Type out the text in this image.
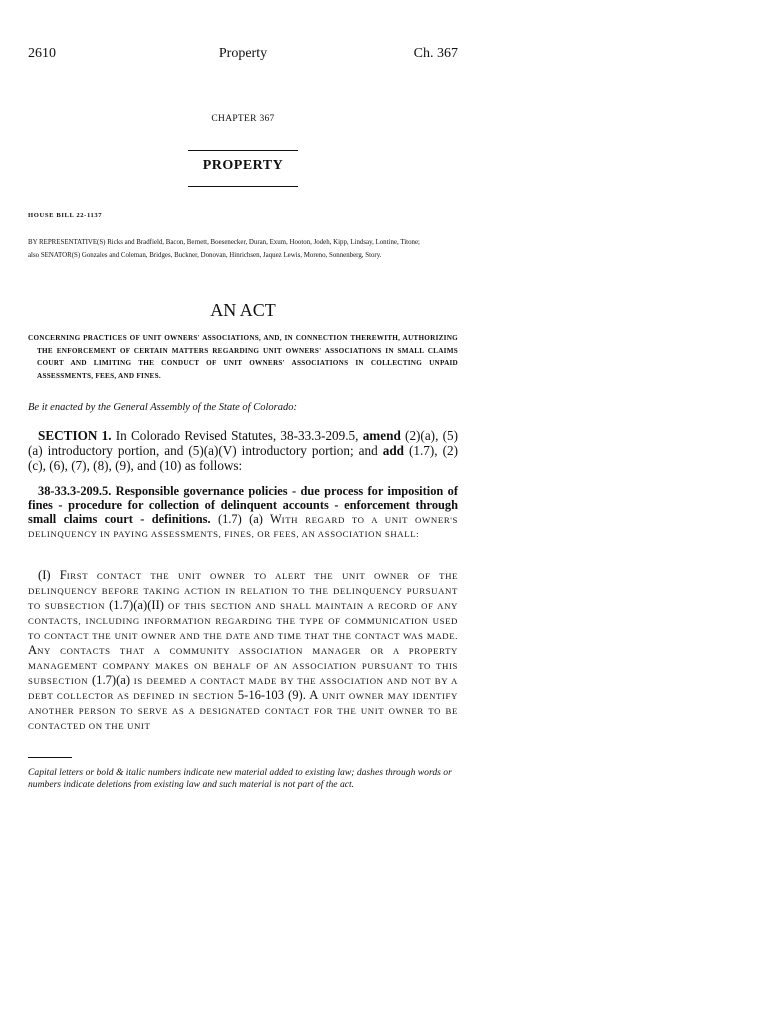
2610	Property	Ch. 367
CHAPTER 367
PROPERTY
HOUSE BILL 22-1137
BY REPRESENTATIVE(S) Ricks and Bradfield, Bacon, Bernett, Boesenecker, Duran, Exum, Hooton, Jodeh, Kipp, Lindsay, Lontine, Titone;
also SENATOR(S) Gonzales and Coleman, Bridges, Buckner, Donovan, Hinrichsen, Jaquez Lewis, Moreno, Sonnenberg, Story.
AN ACT
CONCERNING PRACTICES OF UNIT OWNERS' ASSOCIATIONS, AND, IN CONNECTION THEREWITH, AUTHORIZING THE ENFORCEMENT OF CERTAIN MATTERS REGARDING UNIT OWNERS' ASSOCIATIONS IN SMALL CLAIMS COURT AND LIMITING THE CONDUCT OF UNIT OWNERS' ASSOCIATIONS IN COLLECTING UNPAID ASSESSMENTS, FEES, AND FINES.
Be it enacted by the General Assembly of the State of Colorado:
SECTION 1. In Colorado Revised Statutes, 38-33.3-209.5, amend (2)(a), (5)(a) introductory portion, and (5)(a)(V) introductory portion; and add (1.7), (2)(c), (6), (7), (8), (9), and (10) as follows:
38-33.3-209.5. Responsible governance policies - due process for imposition of fines - procedure for collection of delinquent accounts - enforcement through small claims court - definitions. (1.7) (a) WITH REGARD TO A UNIT OWNER'S DELINQUENCY IN PAYING ASSESSMENTS, FINES, OR FEES, AN ASSOCIATION SHALL:
(I) FIRST CONTACT THE UNIT OWNER TO ALERT THE UNIT OWNER OF THE DELINQUENCY BEFORE TAKING ACTION IN RELATION TO THE DELINQUENCY PURSUANT TO SUBSECTION (1.7)(a)(II) OF THIS SECTION AND SHALL MAINTAIN A RECORD OF ANY CONTACTS, INCLUDING INFORMATION REGARDING THE TYPE OF COMMUNICATION USED TO CONTACT THE UNIT OWNER AND THE DATE AND TIME THAT THE CONTACT WAS MADE. ANY CONTACTS THAT A COMMUNITY ASSOCIATION MANAGER OR A PROPERTY MANAGEMENT COMPANY MAKES ON BEHALF OF AN ASSOCIATION PURSUANT TO THIS SUBSECTION (1.7)(a) IS DEEMED A CONTACT MADE BY THE ASSOCIATION AND NOT BY A DEBT COLLECTOR AS DEFINED IN SECTION 5-16-103 (9). A UNIT OWNER MAY IDENTIFY ANOTHER PERSON TO SERVE AS A DESIGNATED CONTACT FOR THE UNIT OWNER TO BE CONTACTED ON THE UNIT
Capital letters or bold & italic numbers indicate new material added to existing law; dashes through words or numbers indicate deletions from existing law and such material is not part of the act.
